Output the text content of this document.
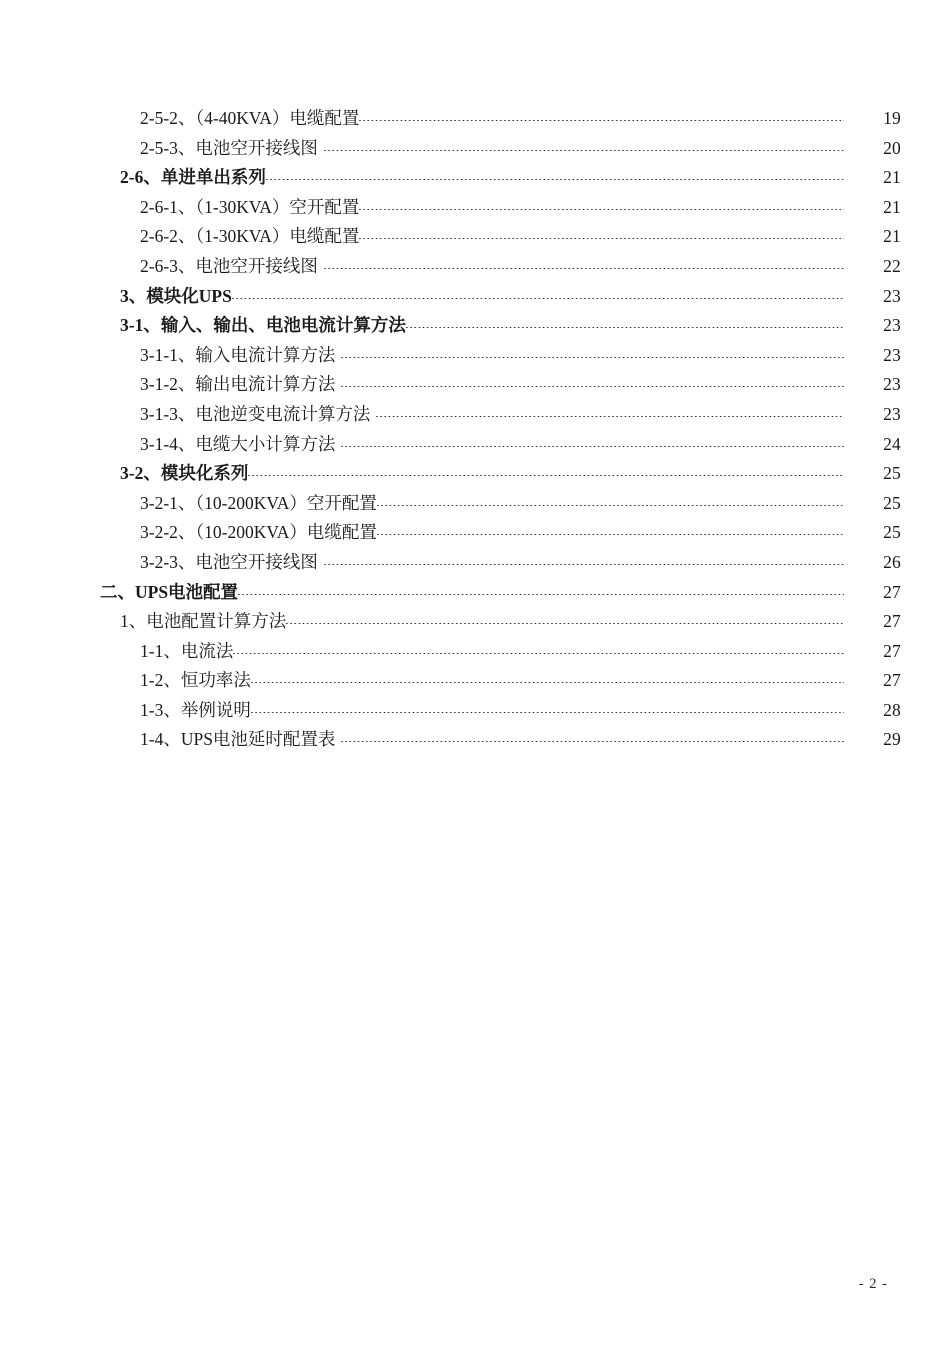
2-5-2、（4-40KVA）电缆配置	19
2-5-3、电池空开接线图	20
2-6、单进单出系列	21
2-6-1、（1-30KVA）空开配置	21
2-6-2、（1-30KVA）电缆配置	21
2-6-3、电池空开接线图	22
3、模块化UPS	23
3-1、输入、输出、电池电流计算方法	23
3-1-1、输入电流计算方法	23
3-1-2、输出电流计算方法	23
3-1-3、电池逆变电流计算方法	23
3-1-4、电缆大小计算方法	24
3-2、模块化系列	25
3-2-1、（10-200KVA）空开配置	25
3-2-2、（10-200KVA）电缆配置	25
3-2-3、电池空开接线图	26
二、UPS电池配置	27
1、电池配置计算方法	27
1-1、电流法	27
1-2、恒功率法	27
1-3、举例说明	28
1-4、UPS电池延时配置表	29
- 2 -
